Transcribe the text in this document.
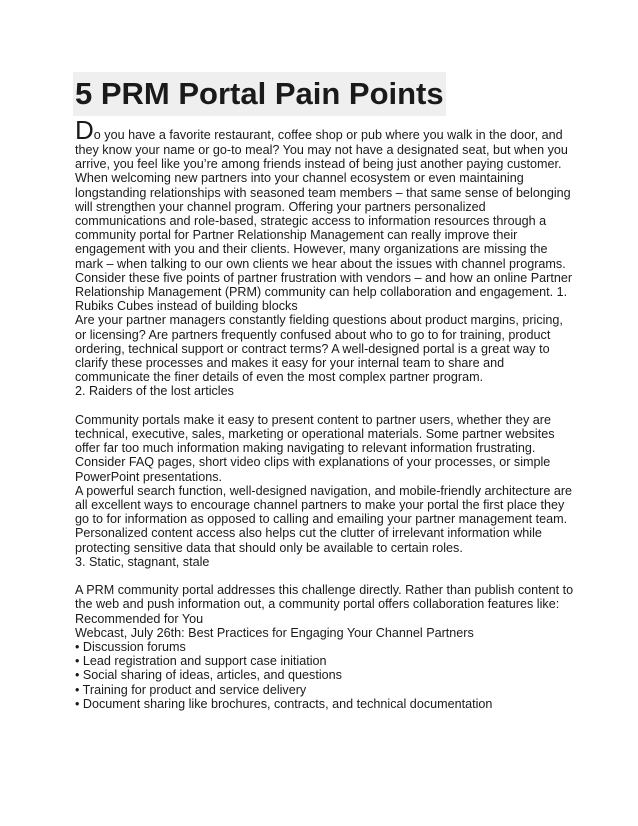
5 PRM Portal Pain Points

Do you have a favorite restaurant, coffee shop or pub where you walk in the door, and they know your name or go-to meal? You may not have a designated seat, but when you arrive, you feel like you’re among friends instead of being just another paying customer. When welcoming new partners into your channel ecosystem or even maintaining longstanding relationships with seasoned team members – that same sense of belonging will strengthen your channel program. Offering your partners personalized communications and role-based, strategic access to information resources through a community portal for Partner Relationship Management can really improve their engagement with you and their clients. However, many organizations are missing the mark – when talking to our own clients we hear about the issues with channel programs. Consider these five points of partner frustration with vendors – and how an online Partner Relationship Management (PRM) community can help collaboration and engagement. 1. Rubiks Cubes instead of building blocks

Are your partner managers constantly fielding questions about product margins, pricing, or licensing? Are partners frequently confused about who to go to for training, product ordering, technical support or contract terms? A well-designed portal is a great way to clarify these processes and makes it easy for your internal team to share and communicate the finer details of even the most complex partner program.

2. Raiders of the lost articles

Community portals make it easy to present content to partner users, whether they are technical, executive, sales, marketing or operational materials. Some partner websites offer far too much information making navigating to relevant information frustrating. Consider FAQ pages, short video clips with explanations of your processes, or simple PowerPoint presentations.

A powerful search function, well-designed navigation, and mobile-friendly architecture are all excellent ways to encourage channel partners to make your portal the first place they go to for information as opposed to calling and emailing your partner management team. Personalized content access also helps cut the clutter of irrelevant information while protecting sensitive data that should only be available to certain roles.

3. Static, stagnant, stale

A PRM community portal addresses this challenge directly. Rather than publish content to the web and push information out, a community portal offers collaboration features like:

Recommended for You

Webcast, July 26th: Best Practices for Engaging Your Channel Partners

• Discussion forums

• Lead registration and support case initiation

• Social sharing of ideas, articles, and questions

• Training for product and service delivery

• Document sharing like brochures, contracts, and technical documentation
